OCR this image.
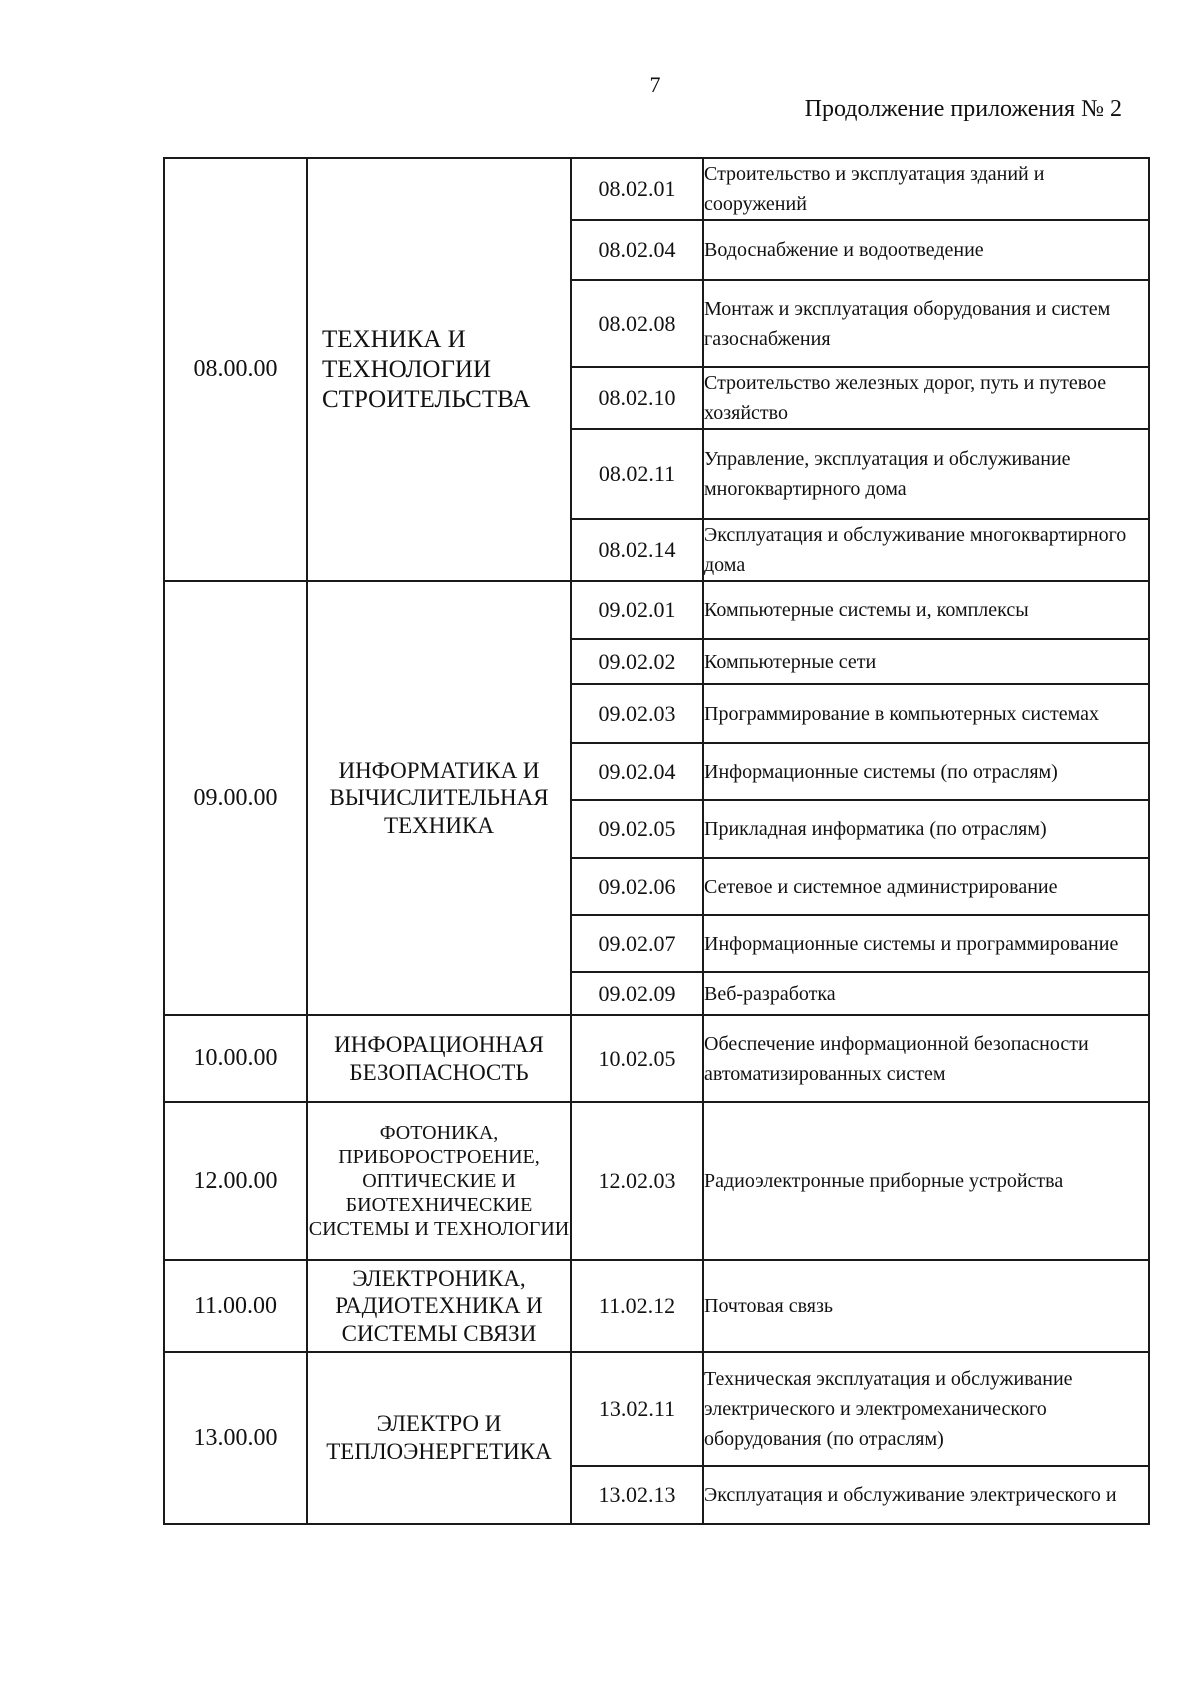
7
Продолжение приложения № 2
08.00.00	ТЕХНИКА И ТЕХНОЛОГИИ СТРОИТЕЛЬСТВА	08.02.01	Строительство и эксплуатация зданий и сооружений
		08.02.04	Водоснабжение и водоотведение
		08.02.08	Монтаж и эксплуатация оборудования и систем газоснабжения
		08.02.10	Строительство железных дорог, путь и путевое хозяйство
		08.02.11	Управление, эксплуатация и обслуживание многоквартирного дома
		08.02.14	Эксплуатация и обслуживание многоквартирного дома
09.00.00	ИНФОРМАТИКА И ВЫЧИСЛИТЕЛЬНАЯ ТЕХНИКА	09.02.01	Компьютерные системы и, комплексы
		09.02.02	Компьютерные сети
		09.02.03	Программирование в компьютерных системах
		09.02.04	Информационные системы (по отраслям)
		09.02.05	Прикладная информатика (по отраслям)
		09.02.06	Сетевое и системное администрирование
		09.02.07	Информационные системы и программирование
		09.02.09	Веб-разработка
10.00.00	ИНФОРАЦИОННАЯ БЕЗОПАСНОСТЬ	10.02.05	Обеспечение информационной безопасности автоматизированных систем
12.00.00	ФОТОНИКА, ПРИБОРОСТРОЕНИЕ, ОПТИЧЕСКИЕ И БИОТЕХНИЧЕСКИЕ СИСТЕМЫ И ТЕХНОЛОГИИ	12.02.03	Радиоэлектронные приборные устройства
11.00.00	ЭЛЕКТРОНИКА, РАДИОТЕХНИКА И СИСТЕМЫ СВЯЗИ	11.02.12	Почтовая связь
13.00.00	ЭЛЕКТРО И ТЕПЛОЭНЕРГЕТИКА	13.02.11	Техническая эксплуатация и обслуживание электрического и электромеханического оборудования (по отраслям)
		13.02.13	Эксплуатация и обслуживание электрического и
